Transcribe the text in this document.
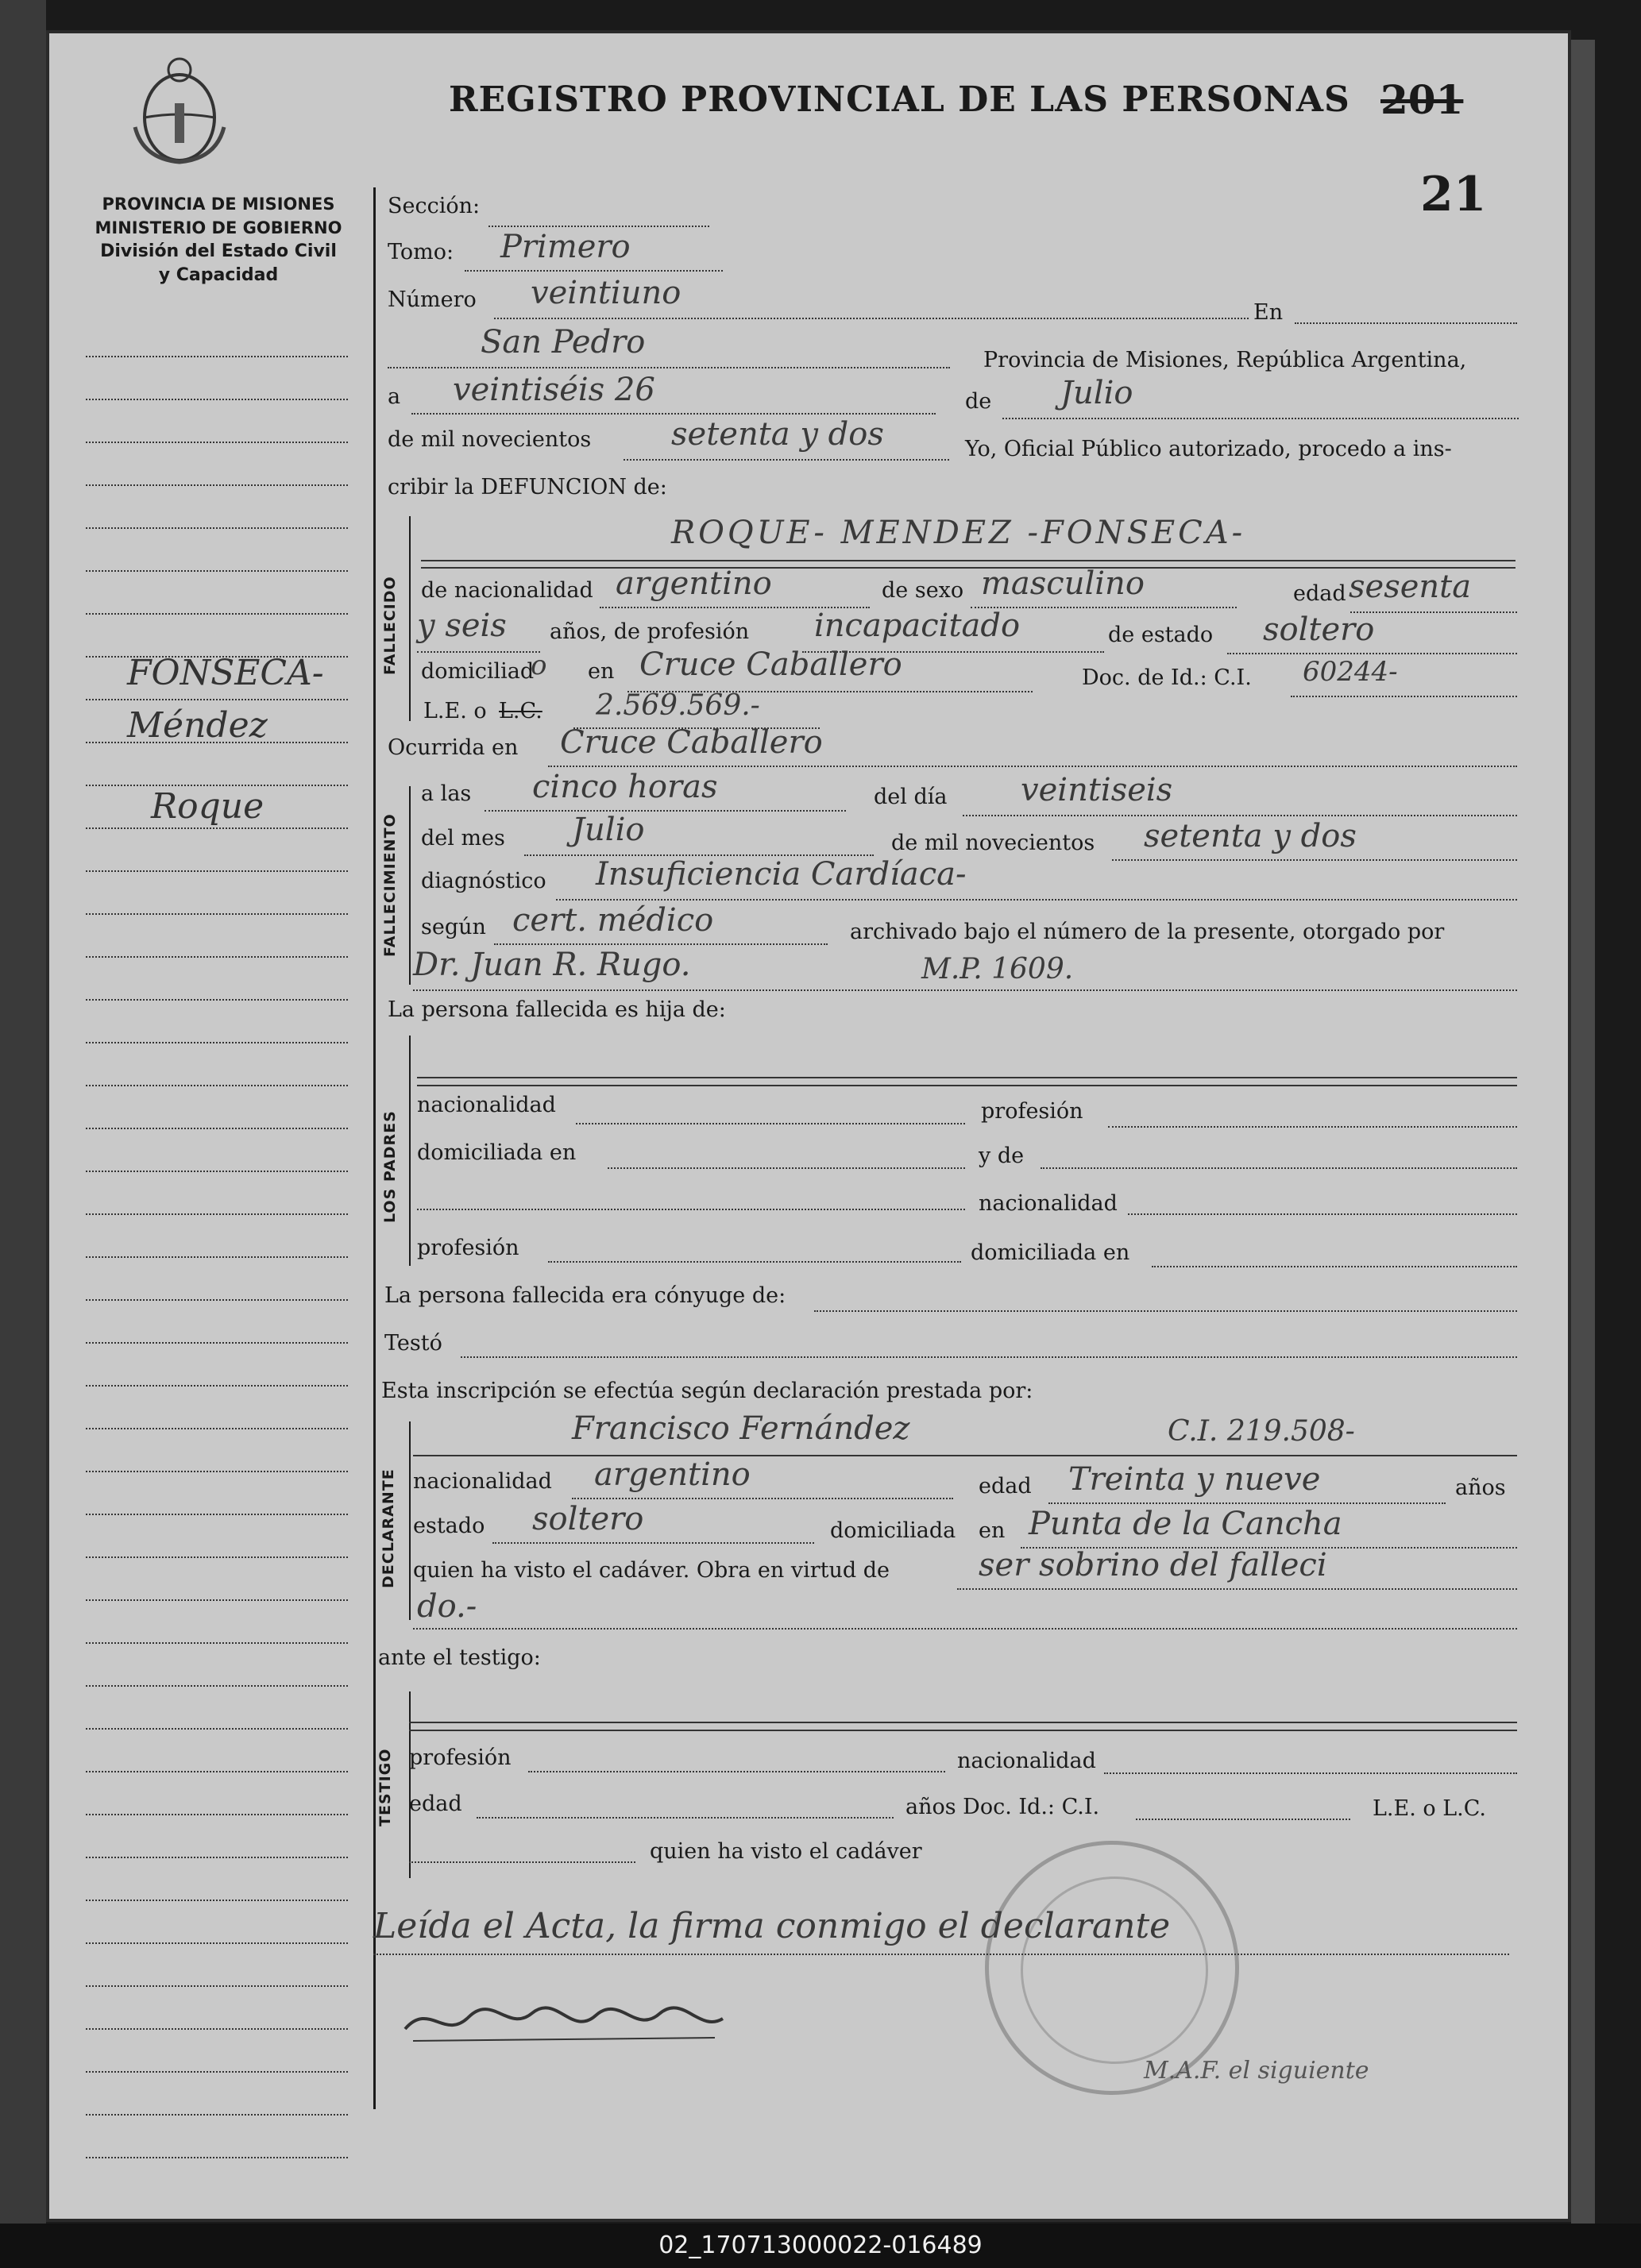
REGISTRO PROVINCIAL DE LAS PERSONAS 201
21
PROVINCIA DE MISIONES
MINISTERIO DE GOBIERNO
División del Estado Civil
y Capacidad
FONSECA-
Méndez
Roque
Sección:
Tomo: Primero
Número veintiuno
En
San Pedro	Provincia de Misiones, República Argentina,
a veintiséis 26	de Julio
de mil novecientos	setenta y dos	Yo, Oficial Público autorizado, procedo a ins-
cribir la DEFUNCION de:
FALLECIDO
ROQUE- MENDEZ -FONSECA-
de nacionalidad argentino	de sexo masculino	edad sesenta
y seis años, de profesión incapacitado	de estado soltero
domiciliad
o en Cruce Caballero	Doc. de Id.: C.I. 60244-
L.E. o L.C. 2.569.569.-
Ocurrida en Cruce Caballero
FALLECIMIENTO
a las cinco horas	del día veintiseis
del mes Julio	de mil novecientos setenta y dos
diagnóstico Insuficiencia Cardíaca-
según cert. médico	archivado bajo el número de la presente, otorgado por
Dr. Juan R. Rugo.	M.P. 1609.
La persona fallecida es hija de:
LOS PADRES
nacionalidad	profesión
domiciliada en	y de
nacionalidad
profesión	domiciliada en
La persona fallecida era cónyuge de:
Testó
Esta inscripción se efectúa según declaración prestada por:
DECLARANTE
Francisco Fernández	C.I. 219.508-
nacionalidad argentino	edad Treinta y nueve	años
estado soltero	domiciliada en Punta de la Cancha
quien ha visto el cadáver. Obra en virtud de	ser sobrino del falleci
do.-
ante el testigo:
TESTIGO profesión	nacionalidad
edad	años Doc. Id.: C.I.	L.E. o L.C.
quien ha visto el cadáver
Leída el Acta, la firma conmigo el declarante
M.A.F. el siguiente
02_170713000022-016489
